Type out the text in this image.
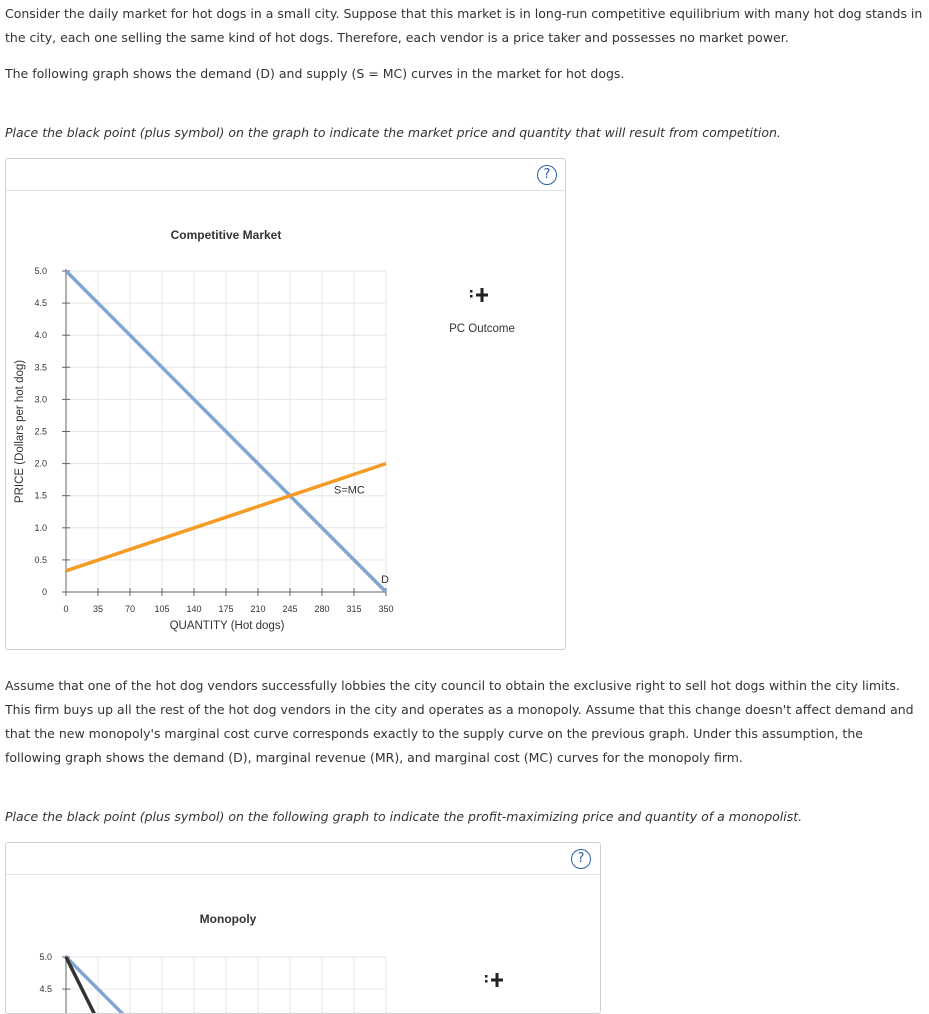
Consider the daily market for hot dogs in a small city. Suppose that this market is in long-run competitive equilibrium with many hot dog stands in the city, each one selling the same kind of hot dogs. Therefore, each vendor is a price taker and possesses no market power.

The following graph shows the demand (D) and supply (S = MC) curves in the market for hot dogs.

Place the black point (plus symbol) on the graph to indicate the market price and quantity that will result from competition.
?
Competitive Market
0	35 70 105 140 175 210 245 280 315 350
0
0.5
1.0
1.5
2.0
2.5
3.0
3.5
4.0
4.5
5.0
QUANTITY (Hot dogs)
PRICE (Dollars per hot dog)
D
S=MC
PC Outcome

Assume that one of the hot dog vendors successfully lobbies the city council to obtain the exclusive right to sell hot dogs within the city limits. This firm buys up all the rest of the hot dog vendors in the city and operates as a monopoly. Assume that this change doesn't affect demand and that the new monopoly's marginal cost curve corresponds exactly to the supply curve on the previous graph. Under this assumption, the following graph shows the demand (D), marginal revenue (MR), and marginal cost (MC) curves for the monopoly firm.

Place the black point (plus symbol) on the following graph to indicate the profit-maximizing price and quantity of a monopolist.
?
Monopoly
4.5
5.0
